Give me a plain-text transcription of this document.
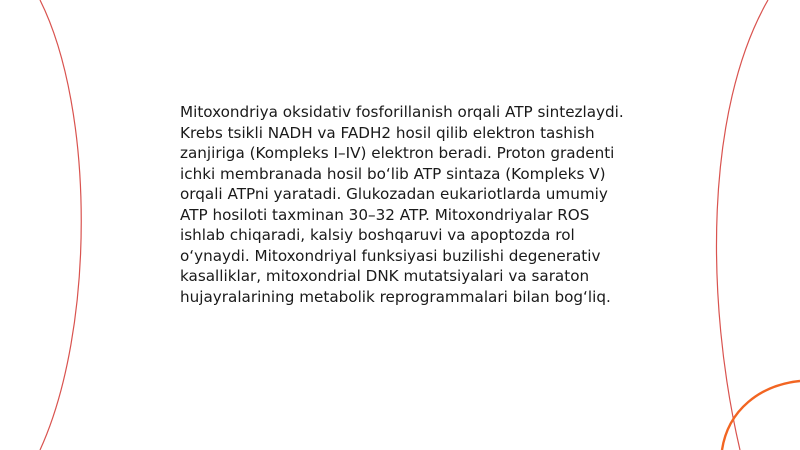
Mitoxondriya oksidativ fosforillanish orqali ATP sintezlaydi. Krebs tsikli NADH va FADH2 hosil qilib elektron tashish zanjiriga (Kompleks I–IV) elektron beradi. Proton gradenti ichki membranada hosil bo‘lib ATP sintaza (Kompleks V) orqali ATPni yaratadi. Glukozadan eukariotlarda umumiy ATP hosiloti taxminan 30–32 ATP. Mitoxondriyalar ROS ishlab chiqaradi, kalsiy boshqaruvi va apoptozda rol o‘ynaydi. Mitoxondriyal funksiyasi buzilishi degenerativ kasalliklar, mitoxondrial DNK mutatsiyalari va saraton hujayralarining metabolik reprogrammalari bilan bog‘liq.
